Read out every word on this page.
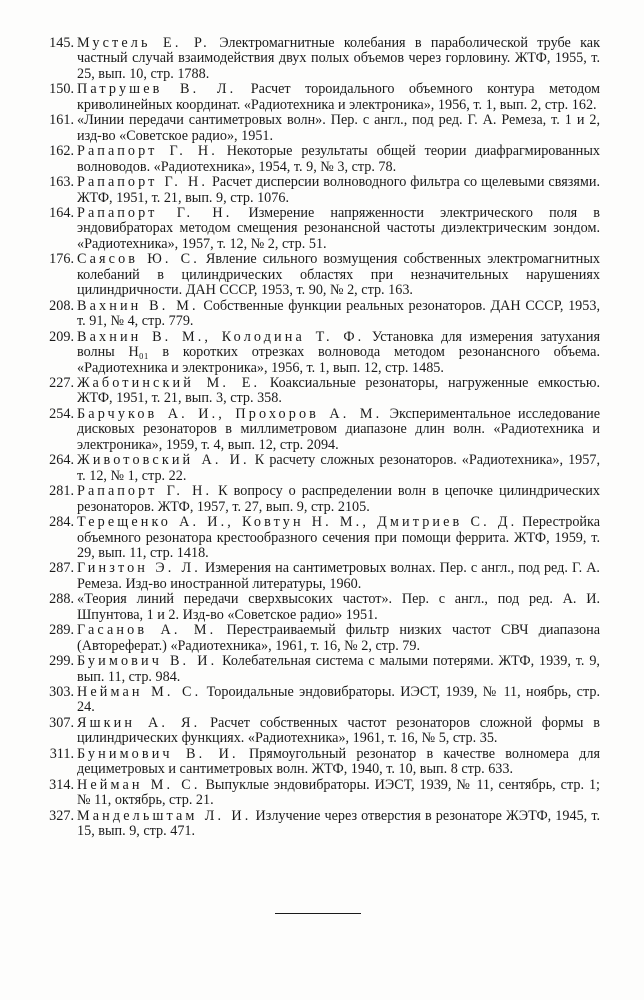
145. Мустель Е. Р. Электромагнитные колебания в параболической трубе как частный случай взаимодействия двух полых объемов через горловину. ЖТФ, 1955, т. 25, вып. 10, стр. 1788.
150. Патрушев В. Л. Расчет тороидального объемного контура методом криволинейных координат. «Радиотехника и электроника», 1956, т. 1, вып. 2, стр. 162.
161. «Линии передачи сантиметровых волн». Пер. с англ., под ред. Г. А. Ремеза, т. 1 и 2, изд-во «Советское радио», 1951.
162. Рапапорт Г. Н. Некоторые результаты общей теории диафрагмированных волноводов. «Радиотехника», 1954, т. 9, № 3, стр. 78.
163. Рапапорт Г. Н. Расчет дисперсии волноводного фильтра со щелевыми связями. ЖТФ, 1951, т. 21, вып. 9, стр. 1076.
164. Рапапорт Г. Н. Измерение напряженности электрического поля в эндовибраторах методом смещения резонансной частоты диэлектрическим зондом. «Радиотехника», 1957, т. 12, № 2, стр. 51.
176. Саясов Ю. С. Явление сильного возмущения собственных электромагнитных колебаний в цилиндрических областях при незначительных нарушениях цилиндричности. ДАН СССР, 1953, т. 90, № 2, стр. 163.
208. Вахнин В. М. Собственные функции реальных резонаторов. ДАН СССР, 1953, т. 91, № 4, стр. 779.
209. Вахнин В. М., Колодина Т. Ф. Установка для измерения затухания волны H₀₁ в коротких отрезках волновода методом резонансного объема. «Радиотехника и электроника», 1956, т. 1, вып. 12, стр. 1485.
227. Жаботинский М. Е. Коаксиальные резонаторы, нагруженные емкостью. ЖТФ, 1951, т. 21, вып. 3, стр. 358.
254. Барчуков А. И., Прохоров А. М. Экспериментальное исследование дисковых резонаторов в миллиметровом диапазоне длин волн. «Радиотехника и электроника», 1959, т. 4, вып. 12, стр. 2094.
264. Животовский А. И. К расчету сложных резонаторов. «Радиотехника», 1957, т. 12, № 1, стр. 22.
281. Рапапорт Г. Н. К вопросу о распределении волн в цепочке цилиндрических резонаторов. ЖТФ, 1957, т. 27, вып. 9, стр. 2105.
284. Терещенко А. И., Ковтун Н. М., Дмитриев С. Д. Перестройка объемного резонатора крестообразного сечения при помощи феррита. ЖТФ, 1959, т. 29, вып. 11, стр. 1418.
287. Гинзтон Э. Л. Измерения на сантиметровых волнах. Пер. с англ., под ред. Г. А. Ремеза. Изд-во иностранной литературы, 1960.
288. «Теория линий передачи сверхвысоких частот». Пер. с англ., под ред. А. И. Шпунтова, 1 и 2. Изд-во «Советское радио» 1951.
289. Гасанов А. М. Перестраиваемый фильтр низких частот СВЧ диапазона (Автореферат.) «Радиотехника», 1961, т. 16, № 2, стр. 79.
299. Буимович В. И. Колебательная система с малыми потерями. ЖТФ, 1939, т. 9, вып. 11, стр. 984.
303. Нейман М. С. Тороидальные эндовибраторы. ИЭСТ, 1939, № 11, ноябрь, стр. 24.
307. Яшкин А. Я. Расчет собственных частот резонаторов сложной формы в цилиндрических функциях. «Радиотехника», 1961, т. 16, № 5, стр. 35.
311. Бунимович В. И. Прямоугольный резонатор в качестве волномера для дециметровых и сантиметровых волн. ЖТФ, 1940, т. 10, вып. 8 стр. 633.
314. Нейман М. С. Выпуклые эндовибраторы. ИЭСТ, 1939, № 11, сентябрь, стр. 1; № 11, октябрь, стр. 21.
327. Мандельштам Л. И. Излучение через отверстия в резонаторе ЖЭТФ, 1945, т. 15, вып. 9, стр. 471.
